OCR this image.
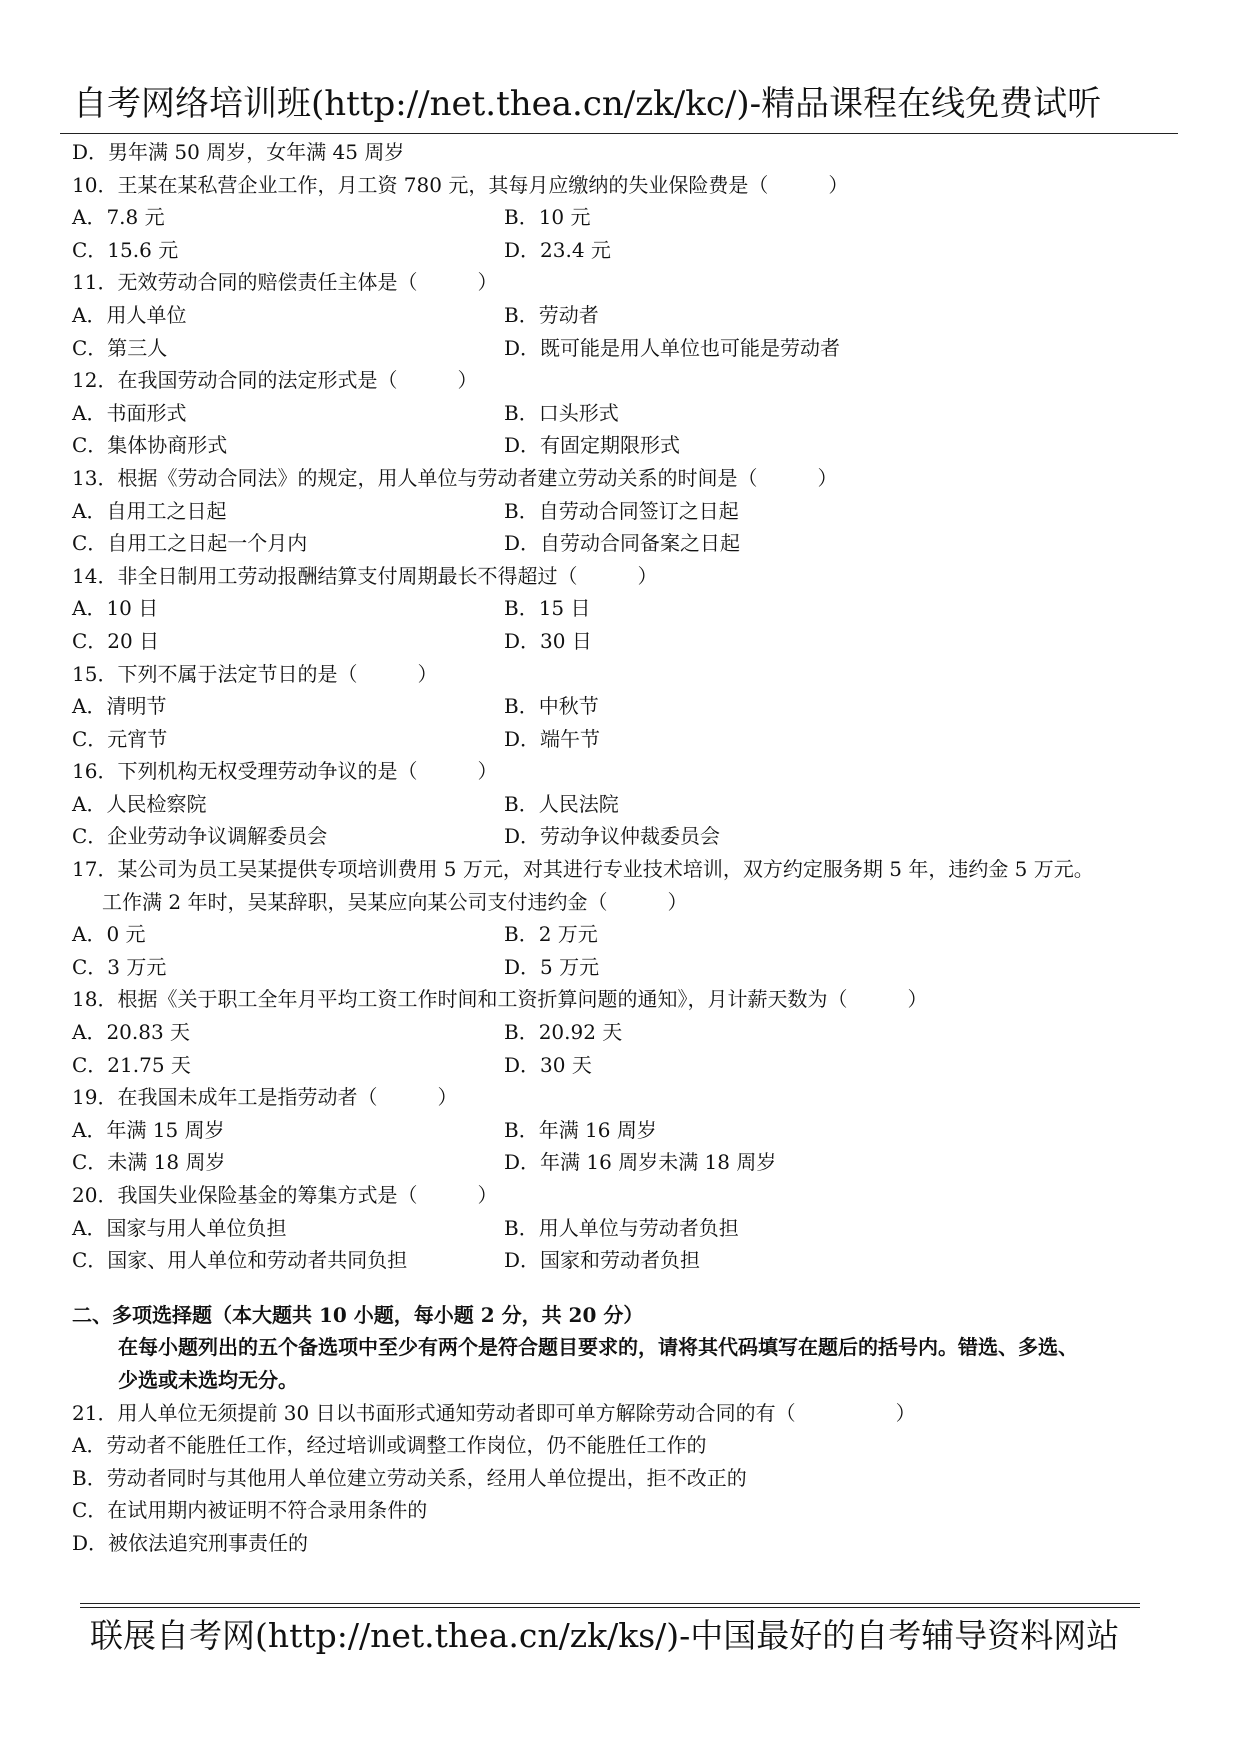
自考网络培训班(http://net.thea.cn/zk/kc/)-精品课程在线免费试听
D．男年满 50 周岁，女年满 45 周岁
10．王某在某私营企业工作，月工资 780 元，其每月应缴纳的失业保险费是（　　　）
A．7.8 元	B．10 元
C．15.6 元	D．23.4 元
11．无效劳动合同的赔偿责任主体是（　　　）
A．用人单位	B．劳动者
C．第三人	D．既可能是用人单位也可能是劳动者
12．在我国劳动合同的法定形式是（　　　）
A．书面形式	B．口头形式
C．集体协商形式	D．有固定期限形式
13．根据《劳动合同法》的规定，用人单位与劳动者建立劳动关系的时间是（　　　）
A．自用工之日起	B．自劳动合同签订之日起
C．自用工之日起一个月内	D．自劳动合同备案之日起
14．非全日制用工劳动报酬结算支付周期最长不得超过（　　　）
A．10 日	B．15 日
C．20 日	D．30 日
15．下列不属于法定节日的是（　　　）
A．清明节	B．中秋节
C．元宵节	D．端午节
16．下列机构无权受理劳动争议的是（　　　）
A．人民检察院	B．人民法院
C．企业劳动争议调解委员会	D．劳动争议仲裁委员会
17．某公司为员工吴某提供专项培训费用 5 万元，对其进行专业技术培训，双方约定服务期 5 年，违约金 5 万元。
工作满 2 年时，吴某辞职，吴某应向某公司支付违约金（　　　）
A．0 元	B．2 万元
C．3 万元	D．5 万元
18．根据《关于职工全年月平均工资工作时间和工资折算问题的通知》，月计薪天数为（　　　）
A．20.83 天	B．20.92 天
C．21.75 天	D．30 天
19．在我国未成年工是指劳动者（　　　）
A．年满 15 周岁	B．年满 16 周岁
C．未满 18 周岁	D．年满 16 周岁未满 18 周岁
20．我国失业保险基金的筹集方式是（　　　）
A．国家与用人单位负担	B．用人单位与劳动者负担
C．国家、用人单位和劳动者共同负担	D．国家和劳动者负担
二、多项选择题（本大题共 10 小题，每小题 2 分，共 20 分）
在每小题列出的五个备选项中至少有两个是符合题目要求的，请将其代码填写在题后的括号内。错选、多选、
少选或未选均无分。
21．用人单位无须提前 30 日以书面形式通知劳动者即可单方解除劳动合同的有（　　　　　）
A．劳动者不能胜任工作，经过培训或调整工作岗位，仍不能胜任工作的
B．劳动者同时与其他用人单位建立劳动关系，经用人单位提出，拒不改正的
C．在试用期内被证明不符合录用条件的
D．被依法追究刑事责任的
联展自考网(http://net.thea.cn/zk/ks/)-中国最好的自考辅导资料网站
